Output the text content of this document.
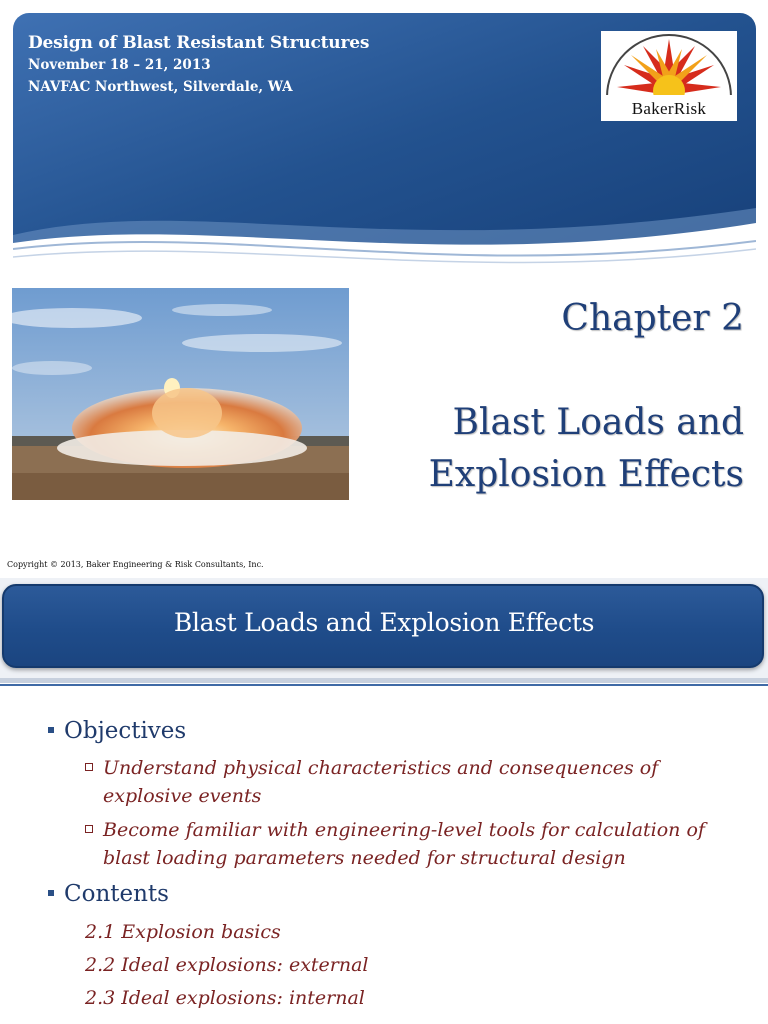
Design of Blast Resistant Structures
November 18 – 21, 2013
NAVFAC Northwest, Silverdale, WA
BakerRisk
Chapter 2
Blast Loads and Explosion Effects
Copyright © 2013, Baker Engineering & Risk Consultants, Inc.
Blast Loads and Explosion Effects
Objectives
Understand physical characteristics and consequences of explosive events
Become familiar with engineering-level tools for calculation of blast loading parameters needed for structural design
Contents
2.1 Explosion basics
2.2 Ideal explosions: external
2.3 Ideal explosions: internal
